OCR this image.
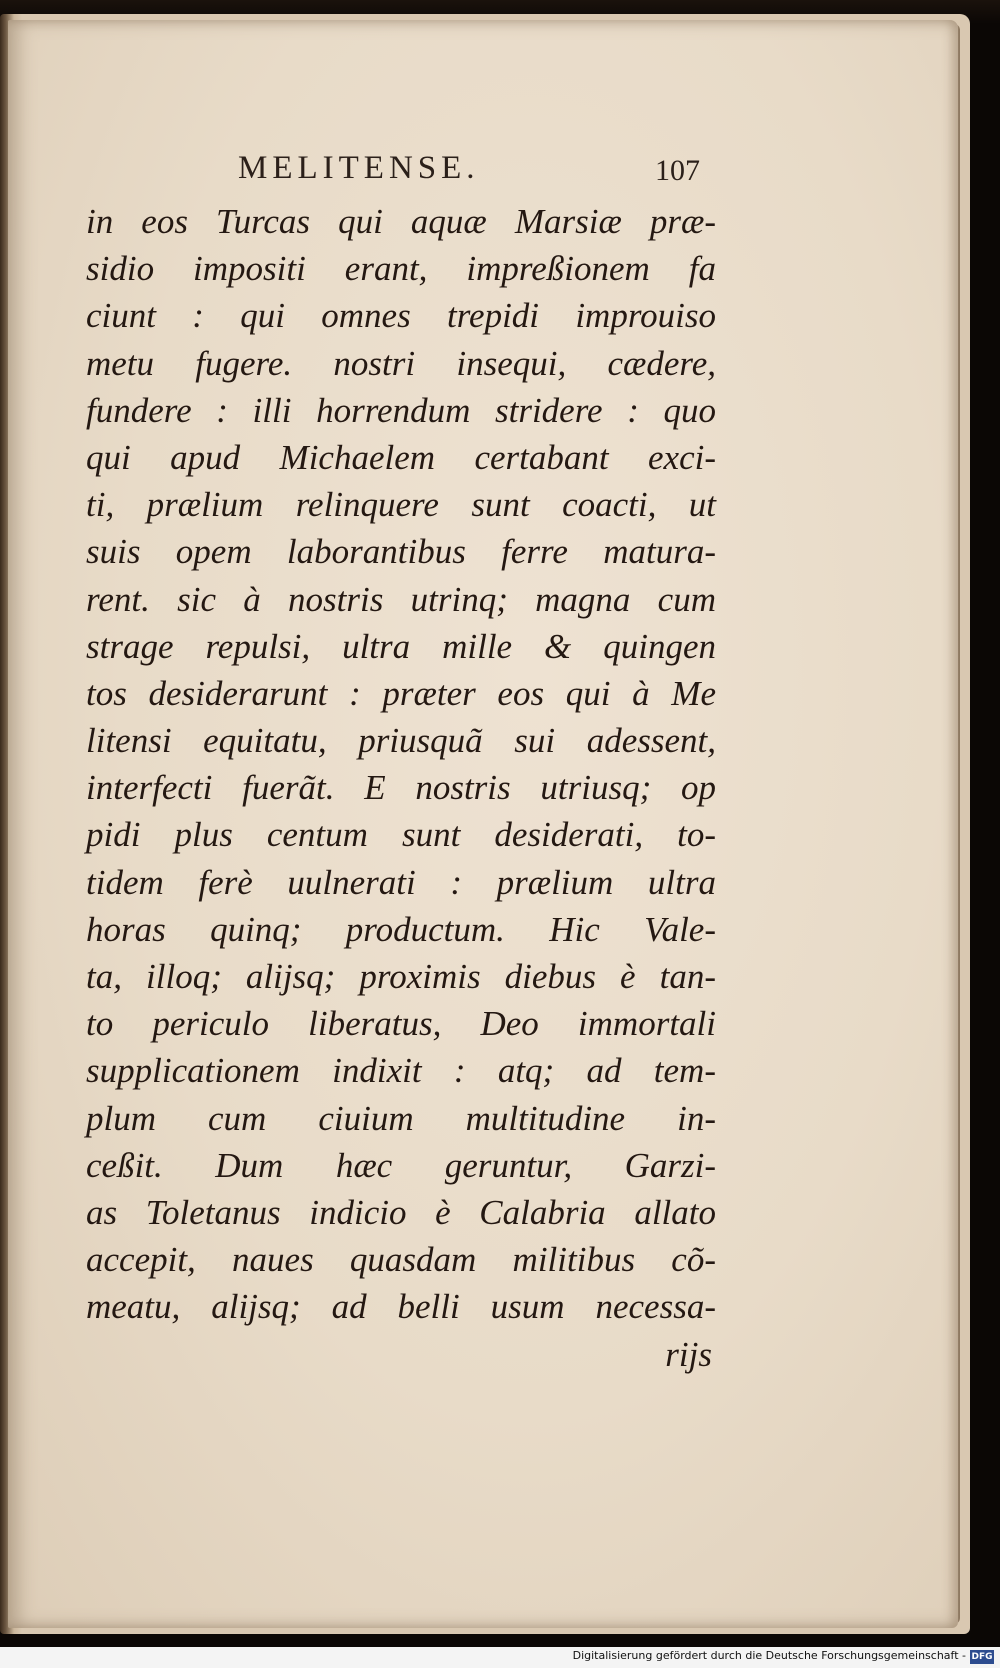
MELITENSE.	107
in eos Turcas qui aquæ Marsiæ præ-
sidio impositi erant, impreßionem fa
ciunt : qui omnes trepidi improuiso
metu fugere. nostri insequi, cædere,
fundere : illi horrendum stridere : quo
qui apud Michaelem certabant exci-
ti, prælium relinquere sunt coacti, ut
suis opem laborantibus ferre matura-
rent. sic à nostris utrinq; magna cum
strage repulsi, ultra mille & quingen
tos desiderarunt : præter eos qui à Me
litensi equitatu, priusquã sui adessent,
interfecti fuerãt. E nostris utriusq; op
pidi plus centum sunt desiderati, to-
tidem ferè uulnerati : prælium ultra
horas quinq; productum. Hic Vale-
ta, illoq; alijsq; proximis diebus è tan-
to periculo liberatus, Deo immortali
supplicationem indixit : atq; ad tem-
plum cum ciuium multitudine in-
ceßit. Dum hæc geruntur, Garzi-
as Toletanus indicio è Calabria allato
accepit, naues quasdam militibus cõ-
meatu, alijsq; ad belli usum necessa-
rijs
Digitalisierung gefördert durch die Deutsche Forschungsgemeinschaft - DFG
